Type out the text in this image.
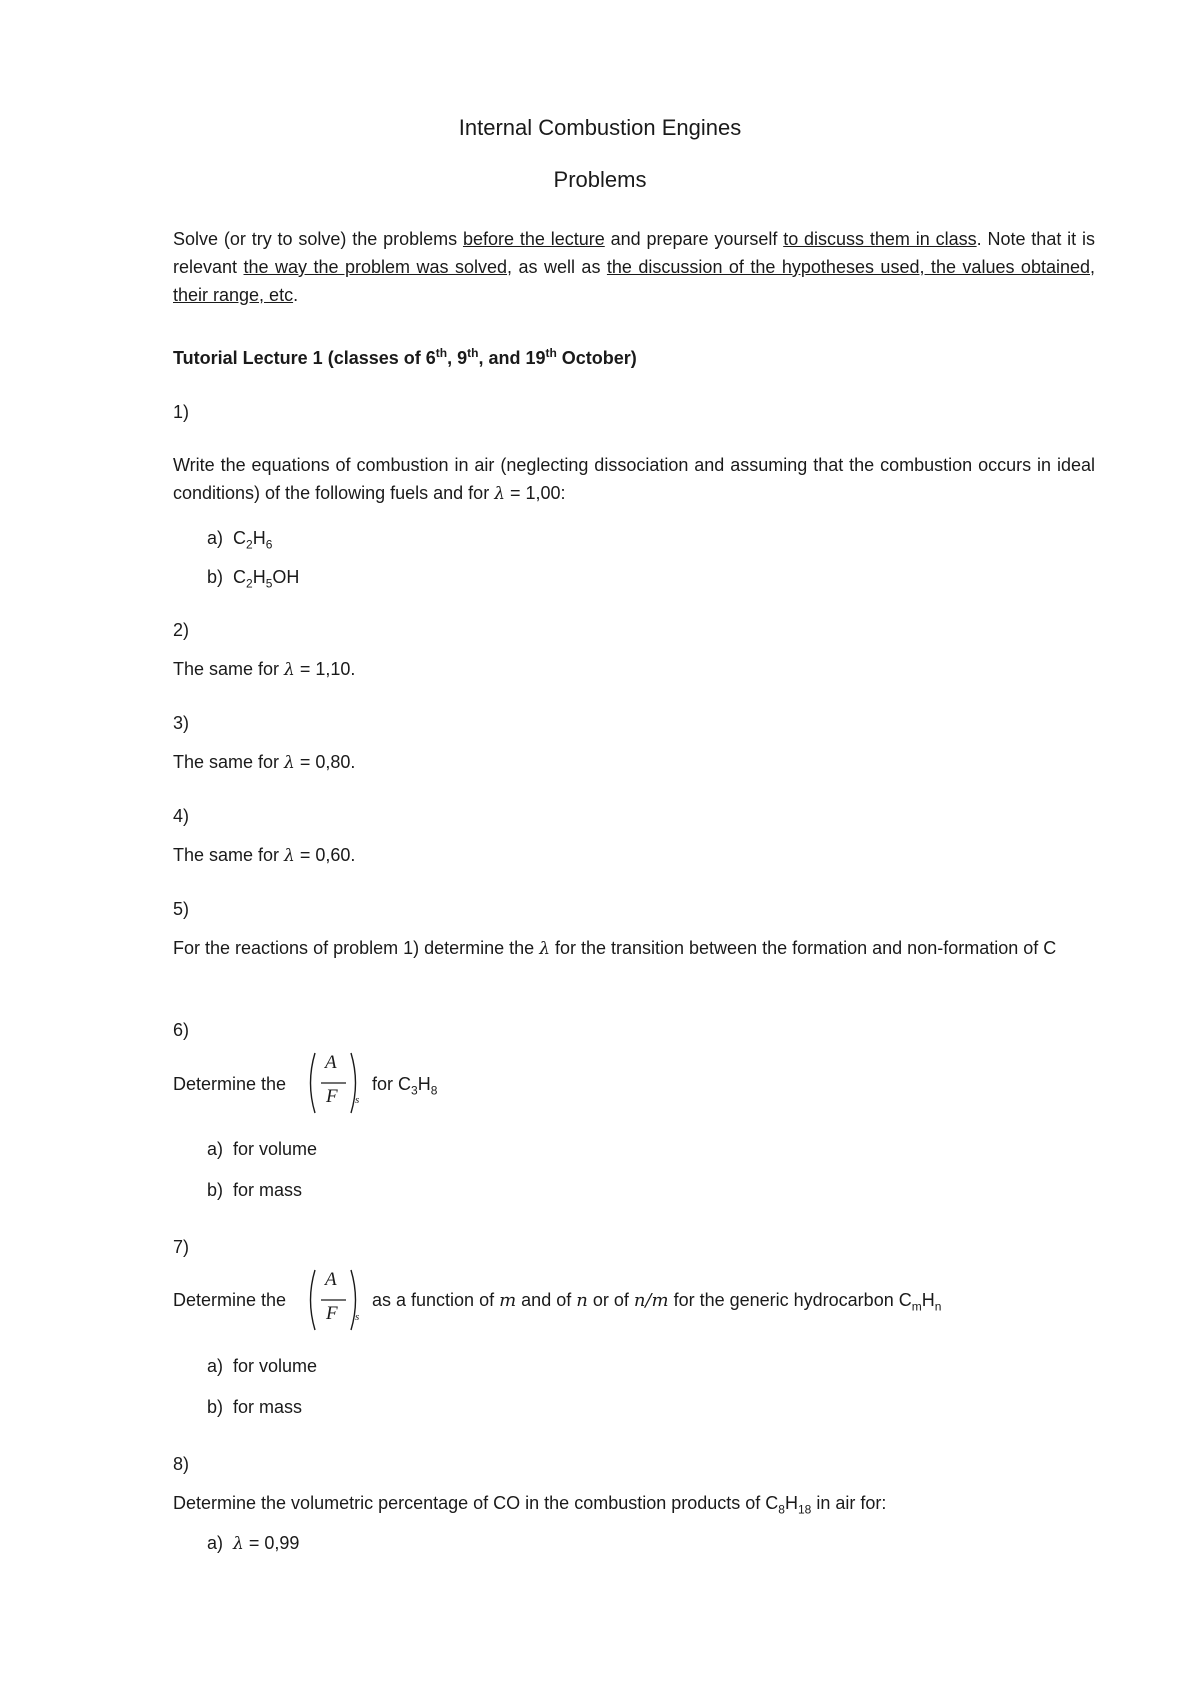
Internal Combustion Engines

Problems

Solve (or try to solve) the problems before the lecture and prepare yourself to discuss them in class. Note that it is relevant the way the problem was solved, as well as the discussion of the hypotheses used, the values obtained, their range, etc.

Tutorial Lecture 1 (classes of 6th, 9th, and 19th October)

1)

Write the equations of combustion in air (neglecting dissociation and assuming that the combustion occurs in ideal conditions) of the following fuels and for λ = 1,00:

a) $C_2H_6$

b) $C_2H_5OH$

2)

The same for λ = 1,10.

3)

The same for λ = 0,80.

4)

The same for λ = 0,60.

5)

For the reactions of problem 1) determine the λ for the transition between the formation and non-formation of C

6)

Determine the

A
F s

for $C_3H_8$

a) for volume

b) for mass

7)

Determine the

A
F s

as a function of m and of n or of n/m for the generic hydrocarbon $C_mH_n$

a) for volume

b) for mass

8)

Determine the volumetric percentage of CO in the combustion products of $C_8H_{18}$ in air for:

a) λ = 0,99
